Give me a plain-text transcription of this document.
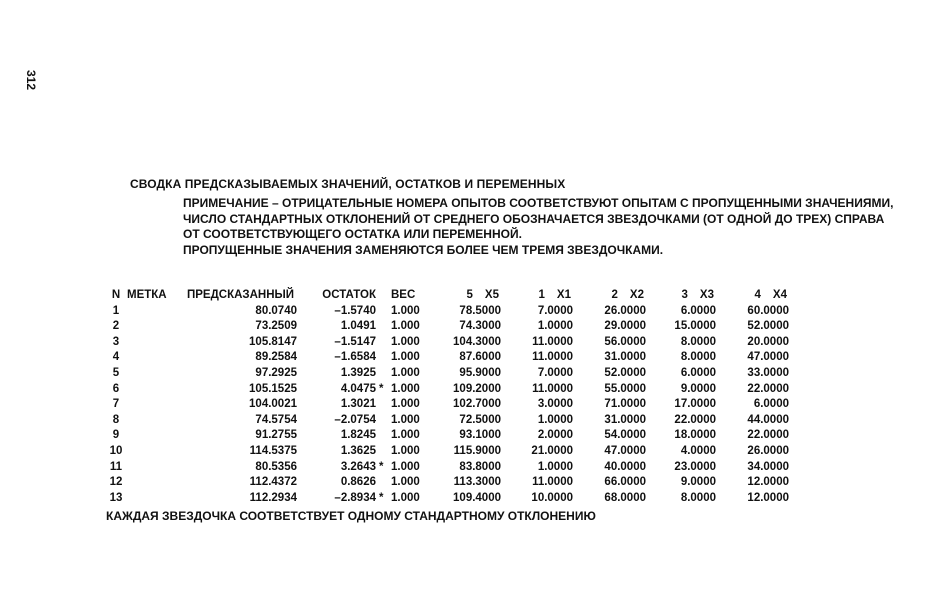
312
СВОДКА ПРЕДСКАЗЫВАЕМЫХ ЗНАЧЕНИЙ, ОСТАТКОВ И ПЕРЕМЕННЫХ
ПРИМЕЧАНИЕ – ОТРИЦАТЕЛЬНЫЕ НОМЕРА ОПЫТОВ СООТВЕТСТВУЮТ ОПЫТАМ С ПРОПУЩЕННЫМИ ЗНАЧЕНИЯМИ,
ЧИСЛО СТАНДАРТНЫХ ОТКЛОНЕНИЙ ОТ СРЕДНЕГО ОБОЗНАЧАЕТСЯ ЗВЕЗДОЧКАМИ (ОТ ОДНОЙ ДО ТРЕХ) СПРАВА
ОТ СООТВЕТСТВУЮЩЕГО ОСТАТКА ИЛИ ПЕРЕМЕННОЙ.
ПРОПУЩЕННЫЕ ЗНАЧЕНИЯ ЗАМЕНЯЮТСЯ БОЛЕЕ ЧЕМ ТРЕМЯ ЗВЕЗДОЧКАМИ.
N	МЕТКА	ПРЕДСКАЗАННЫЙ	ОСТАТОК		ВЕС	5 X5	1 X1	2 X2	3 X3	4 X4
1		80.0740	–1.5740		1.000	78.5000	7.0000	26.0000	6.0000	60.0000
2		73.2509	1.0491		1.000	74.3000	1.0000	29.0000	15.0000	52.0000
3		105.8147	–1.5147		1.000	104.3000	11.0000	56.0000	8.0000	20.0000
4		89.2584	–1.6584		1.000	87.6000	11.0000	31.0000	8.0000	47.0000
5		97.2925	1.3925		1.000	95.9000	7.0000	52.0000	6.0000	33.0000
6		105.1525	4.0475	*	1.000	109.2000	11.0000	55.0000	9.0000	22.0000
7		104.0021	1.3021		1.000	102.7000	3.0000	71.0000	17.0000	6.0000
8		74.5754	–2.0754		1.000	72.5000	1.0000	31.0000	22.0000	44.0000
9		91.2755	1.8245		1.000	93.1000	2.0000	54.0000	18.0000	22.0000
10		114.5375	1.3625		1.000	115.9000	21.0000	47.0000	4.0000	26.0000
11		80.5356	3.2643	*	1.000	83.8000	1.0000	40.0000	23.0000	34.0000
12		112.4372	0.8626		1.000	113.3000	11.0000	66.0000	9.0000	12.0000
13		112.2934	–2.8934	*	1.000	109.4000	10.0000	68.0000	8.0000	12.0000
КАЖДАЯ ЗВЕЗДОЧКА СООТВЕТСТВУЕТ ОДНОМУ СТАНДАРТНОМУ ОТКЛОНЕНИЮ
